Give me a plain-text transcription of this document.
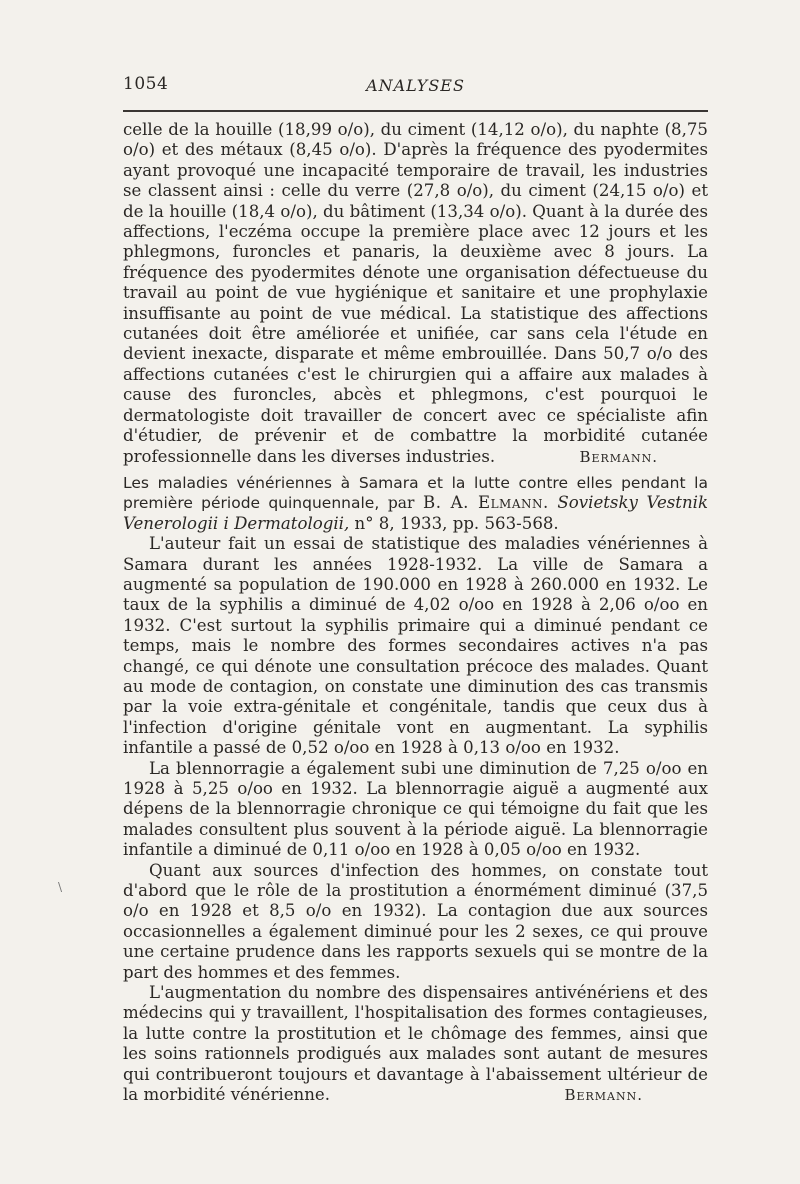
1054	ANALYSES

celle de la houille (18,99 o/o), du ciment (14,12 o/o), du naphte (8,75 o/o) et des métaux (8,45 o/o). D'après la fréquence des pyodermites ayant provoqué une incapacité temporaire de travail, les industries se classent ainsi : celle du verre (27,8 o/o), du ciment (24,15 o/o) et de la houille (18,4 o/o), du bâtiment (13,34 o/o). Quant à la durée des affections, l'eczéma occupe la première place avec 12 jours et les phlegmons, furoncles et panaris, la deuxième avec 8 jours. La fréquence des pyodermites dénote une organisation défectueuse du travail au point de vue hygiénique et sanitaire et une prophylaxie insuffisante au point de vue médical. La statistique des affections cutanées doit être améliorée et unifiée, car sans cela l'étude en devient inexacte, disparate et même embrouillée. Dans 50,7 o/o des affections cutanées c'est le chirurgien qui a affaire aux malades à cause des furoncles, abcès et phlegmons, c'est pourquoi le dermatologiste doit travailler de concert avec ce spécialiste afin d'étudier, de prévenir et de combattre la morbidité cutanée professionnelle dans les diverses industries.	Bermann.

Les maladies vénériennes à Samara et la lutte contre elles pendant la première période quinquennale, par B. A. Elmann. Sovietsky Vestnik Venerologii i Dermatologii, n° 8, 1933, pp. 563-568.

L'auteur fait un essai de statistique des maladies vénériennes à Samara durant les années 1928-1932. La ville de Samara a augmenté sa population de 190.000 en 1928 à 260.000 en 1932. Le taux de la syphilis a diminué de 4,02 o/oo en 1928 à 2,06 o/oo en 1932. C'est surtout la syphilis primaire qui a diminué pendant ce temps, mais le nombre des formes secondaires actives n'a pas changé, ce qui dénote une consultation précoce des malades. Quant au mode de contagion, on constate une diminution des cas transmis par la voie extra-génitale et congénitale, tandis que ceux dus à l'infection d'origine génitale vont en augmentant. La syphilis infantile a passé de 0,52 o/oo en 1928 à 0,13 o/oo en 1932.

La blennorragie a également subi une diminution de 7,25 o/oo en 1928 à 5,25 o/oo en 1932. La blennorragie aiguë a augmenté aux dépens de la blennorragie chronique ce qui témoigne du fait que les malades consultent plus souvent à la période aiguë. La blennorragie infantile a diminué de 0,11 o/oo en 1928 à 0,05 o/oo en 1932.

Quant aux sources d'infection des hommes, on constate tout d'abord que le rôle de la prostitution a énormément diminué (37,5 o/o en 1928 et 8,5 o/o en 1932). La contagion due aux sources occasionnelles a également diminué pour les 2 sexes, ce qui prouve une certaine prudence dans les rapports sexuels qui se montre de la part des hommes et des femmes.

L'augmentation du nombre des dispensaires antivénériens et des médecins qui y travaillent, l'hospitalisation des formes contagieuses, la lutte contre la prostitution et le chômage des femmes, ainsi que les soins rationnels prodigués aux malades sont autant de mesures qui contribueront toujours et davantage à l'abaissement ultérieur de la morbidité vénérienne.	Bermann.

\
